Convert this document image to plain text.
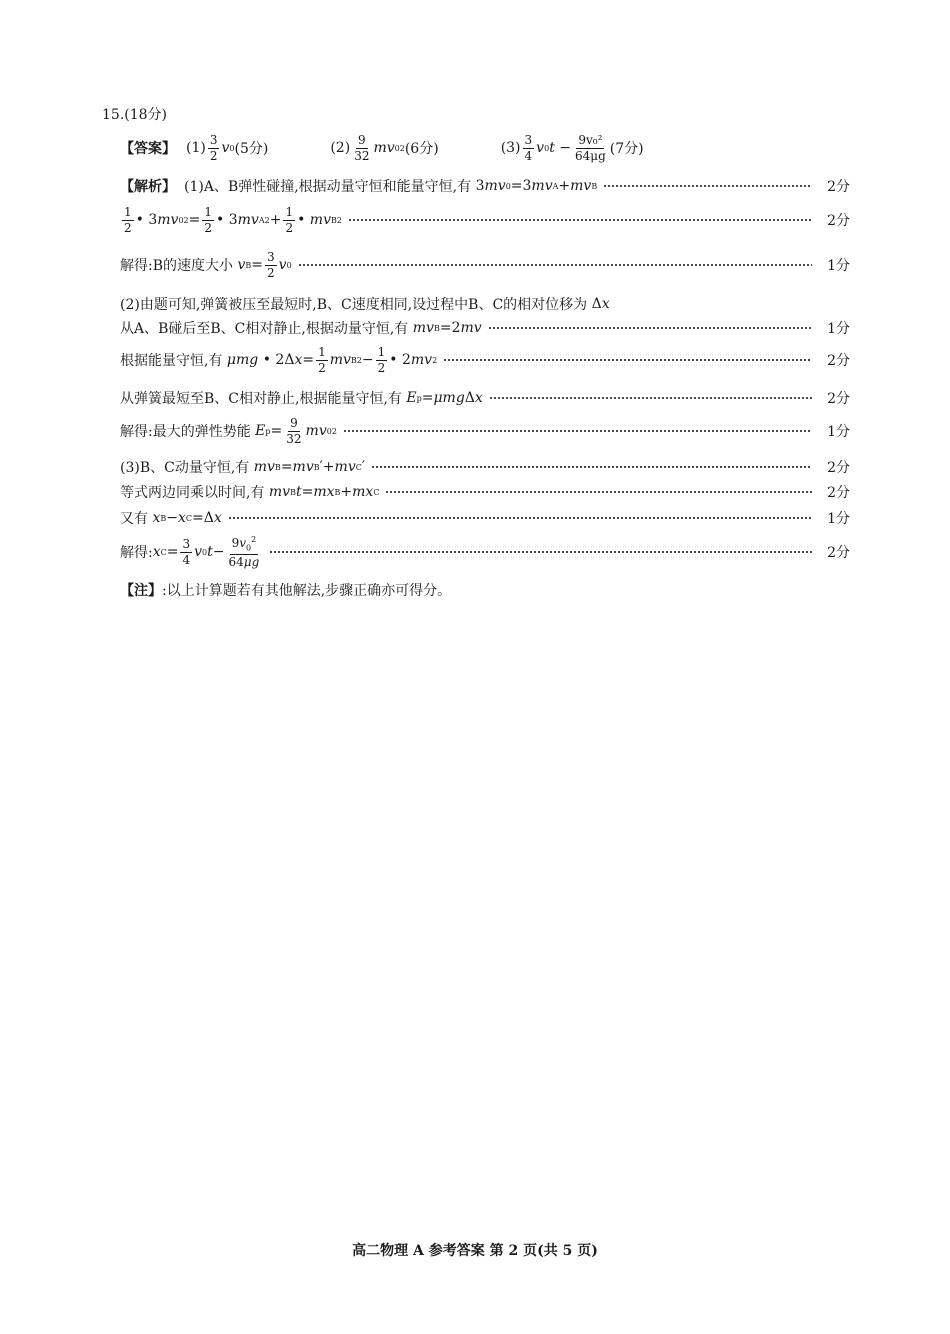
15.(18分)
【答案】 $(1) \frac{3}{2}$ v 0 (5分)	$(2) \frac{9}{32}$ mv 0 2 (6分)	$(3) \frac{3}{4}$ v 0 $t - \frac{\text{9v₀²}}{64\mu g} (7$分)
【解析】 (1)A、B弹性碰撞,根据动量守恒和能量守恒,有 3 mv 0 =3 mv A + mv B	2分
$\frac{1}{2}$ • 3 mv 0 $2 = \frac{1}{2}$ • 3 mv A $2 + \frac{1}{2}$ • mv B 2	2分
解得:B的速度大小
v $B = \frac{3}{2}$ v 0	1分
(2)由题可知,弹簧被压至最短时,B、C速度相同,设过程中B、C的相对位移为 Δ x
从A、B碰后至B、C相对静止,根据动量守恒,有
mv B =2 mv	1分
根据能量守恒,有
μmg • 2Δ $x = \frac{1}{2}$ mv B $2 - \frac{1}{2}$ • 2 mv 2	2分
从弹簧最短至B、C相对静止,根据能量守恒,有
E p = μmg Δ x	2分
解得:最大的弹性势能
E $p = \frac{9}{32}$ mv 0 2	1分
(3)B、C动量守恒,有
mv B = mv B ′+ mv C ′	2分
等式两边同乘以时间,有
mv B t = mx B + mx C	2分
又有
x B − x C =Δ x	1分
解得: x $C = \frac{3}{4}$ v 0 $t - \frac{9v_0^2}{64\mu g}$	2分
【注】 :以上计算题若有其他解法,步骤正确亦可得分。
高二物理 A 参考答案 第 2 页(共 5 页)
